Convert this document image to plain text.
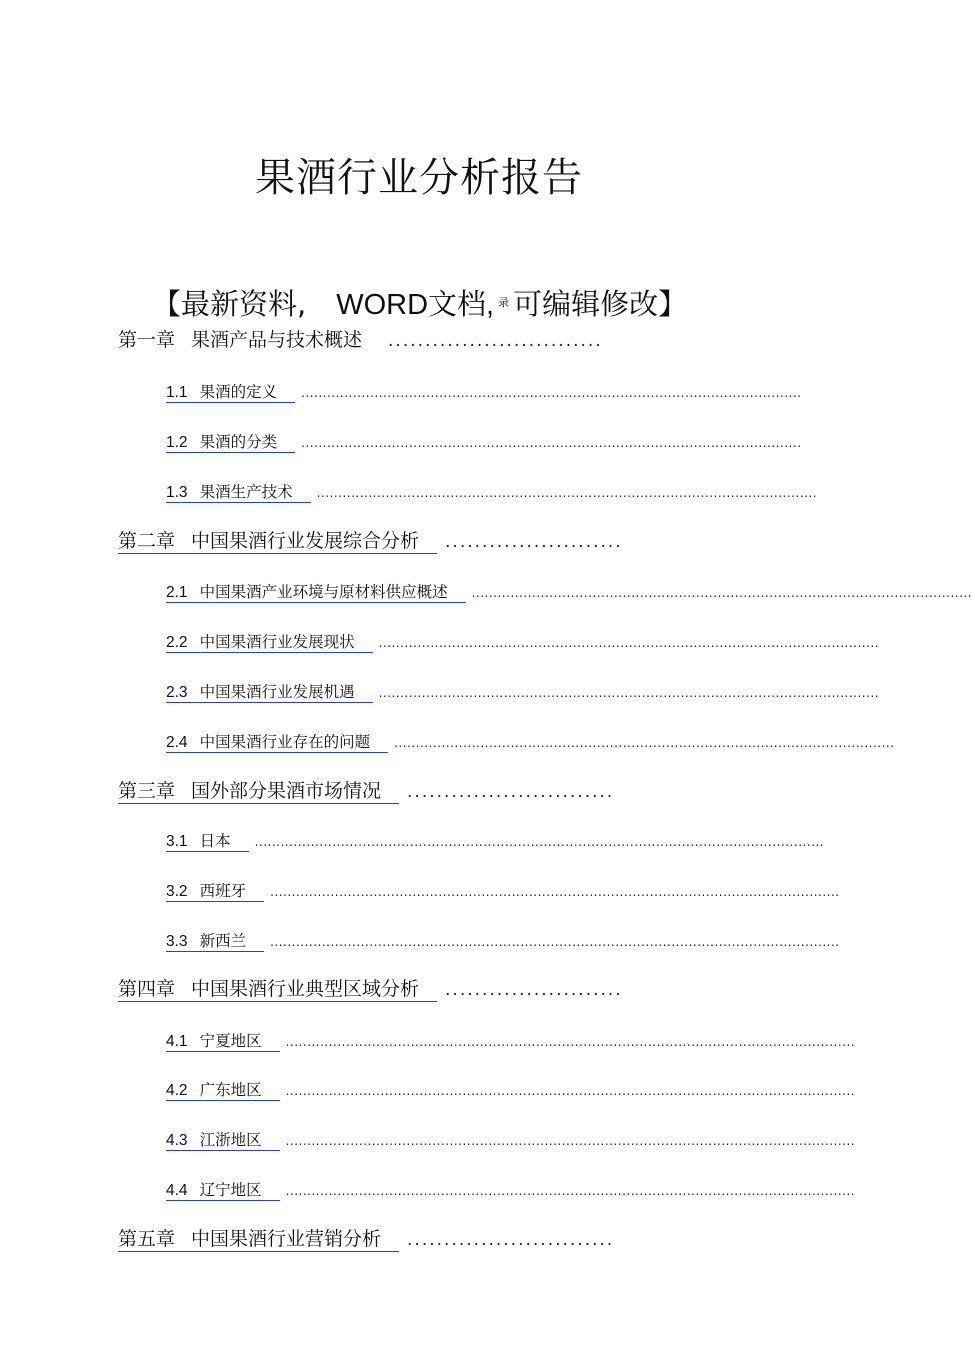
果酒行业分析报告
【最新资料, WORD文档, $^录$ 可编辑修改】
第一章 果酒产品与技术概述	.............................
1.1 果酒的定义	....................................................................................................................
1.2 果酒的分类	....................................................................................................................
1.3 果酒生产技术	....................................................................................................................
第二章 中国果酒行业发展综合分析	........................
2.1 中国果酒产业环境与原材料供应概述	....................................................................................................................
2.2 中国果酒行业发展现状	....................................................................................................................
2.3 中国果酒行业发展机遇	....................................................................................................................
2.4 中国果酒行业存在的问题	....................................................................................................................
第三章 国外部分果酒市场情况	............................
3.1 日本	....................................................................................................................................
3.2 西班牙	....................................................................................................................................
3.3 新西兰	....................................................................................................................................
第四章 中国果酒行业典型区域分析	........................
4.1 宁夏地区	....................................................................................................................................
4.2 广东地区	....................................................................................................................................
4.3 江浙地区	....................................................................................................................................
4.4 辽宁地区	....................................................................................................................................
第五章 中国果酒行业营销分析	............................
